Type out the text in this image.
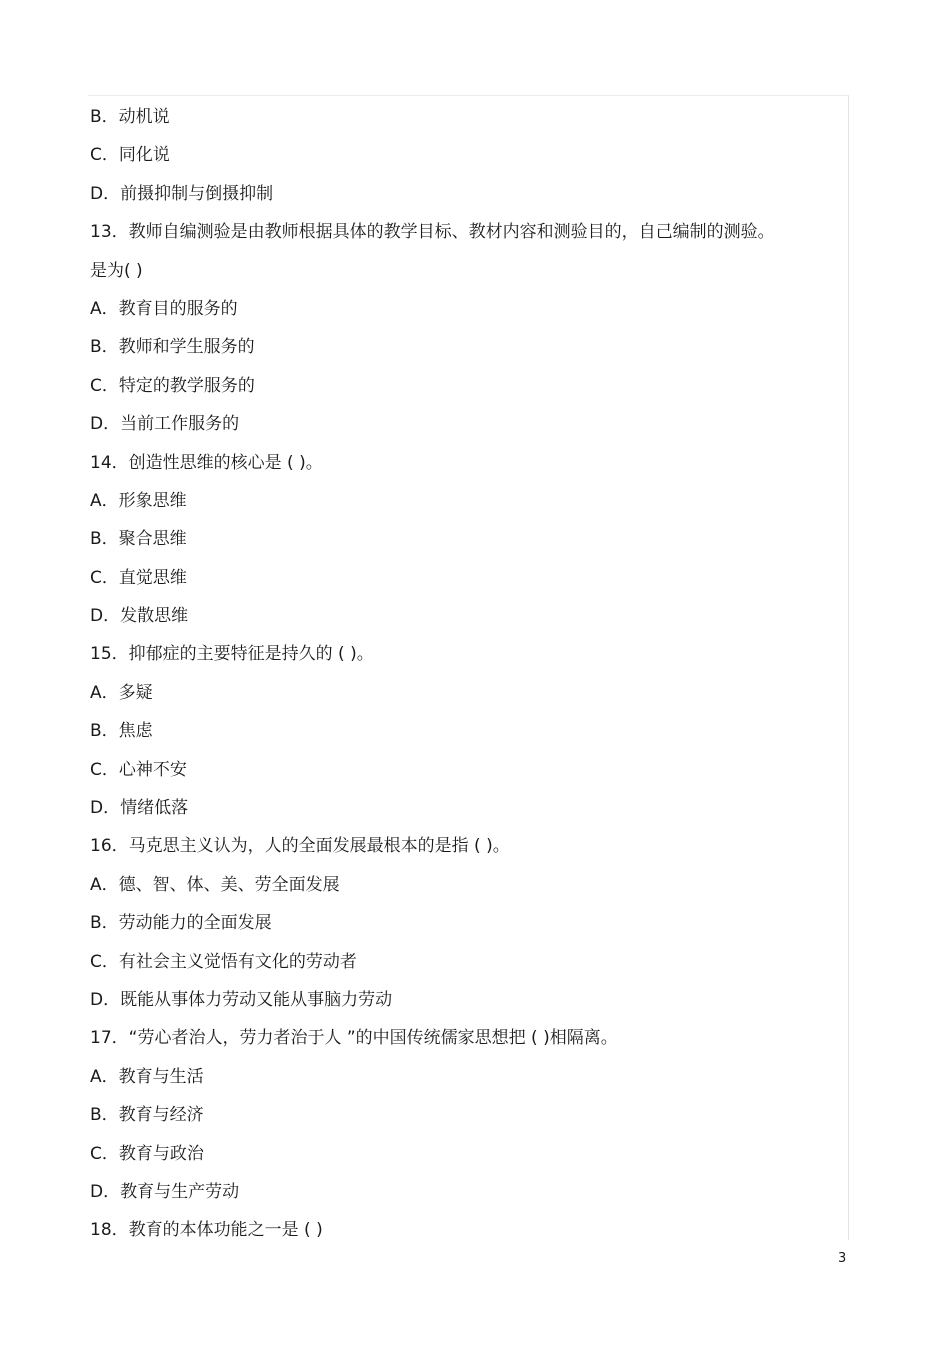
B．动机说
C．同化说
D．前摄抑制与倒摄抑制
13．教师自编测验是由教师根据具体的教学目标、教材内容和测验目的，自己编制的测验。
是为( )
A．教育目的服务的
B．教师和学生服务的
C．特定的教学服务的
D．当前工作服务的
14．创造性思维的核心是 ( )。
A．形象思维
B．聚合思维
C．直觉思维
D．发散思维
15．抑郁症的主要特征是持久的 ( )。
A．多疑
B．焦虑
C．心神不安
D．情绪低落
16．马克思主义认为，人的全面发展最根本的是指 ( )。
A．德、智、体、美、劳全面发展
B．劳动能力的全面发展
C．有社会主义觉悟有文化的劳动者
D．既能从事体力劳动又能从事脑力劳动
17．“劳心者治人，劳力者治于人 ”的中国传统儒家思想把 ( )相隔离。
A．教育与生活
B．教育与经济
C．教育与政治
D．教育与生产劳动
18．教育的本体功能之一是 ( )
3
